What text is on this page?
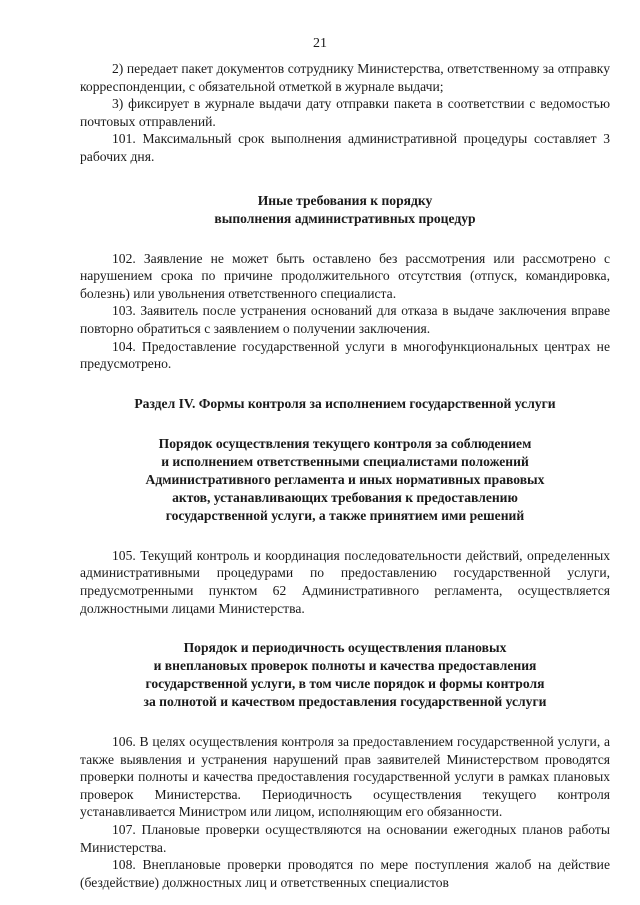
21

2) передает пакет документов сотруднику Министерства, ответственному за отправку корреспонденции, с обязательной отметкой в журнале выдачи;

3) фиксирует в журнале выдачи дату отправки пакета в соответствии с ведомостью почтовых отправлений.

101. Максимальный срок выполнения административной процедуры составляет 3 рабочих дня.

Иные требования к порядку
выполнения административных процедур

102. Заявление не может быть оставлено без рассмотрения или рассмотрено с нарушением срока по причине продолжительного отсутствия (отпуск, командировка, болезнь) или увольнения ответственного специалиста.

103. Заявитель после устранения оснований для отказа в выдаче заключения вправе повторно обратиться с заявлением о получении заключения.

104. Предоставление государственной услуги в многофункциональных центрах не предусмотрено.

Раздел IV. Формы контроля за исполнением государственной услуги
Порядок осуществления текущего контроля за соблюдением
и исполнением ответственными специалистами положений
Административного регламента и иных нормативных правовых
актов, устанавливающих требования к предоставлению
государственной услуги, а также принятием ими решений

105. Текущий контроль и координация последовательности действий, определенных административными процедурами по предоставлению государственной услуги, предусмотренными пунктом 62 Административного регламента, осуществляется должностными лицами Министерства.

Порядок и периодичность осуществления плановых
и внеплановых проверок полноты и качества предоставления
государственной услуги, в том числе порядок и формы контроля
за полнотой и качеством предоставления государственной услуги

106. В целях осуществления контроля за предоставлением государственной услуги, а также выявления и устранения нарушений прав заявителей Министерством проводятся проверки полноты и качества предоставления государственной услуги в рамках плановых проверок Министерства. Периодичность осуществления текущего контроля устанавливается Министром или лицом, исполняющим его обязанности.

107. Плановые проверки осуществляются на основании ежегодных планов работы Министерства.

108. Внеплановые проверки проводятся по мере поступления жалоб на действие (бездействие) должностных лиц и ответственных специалистов
